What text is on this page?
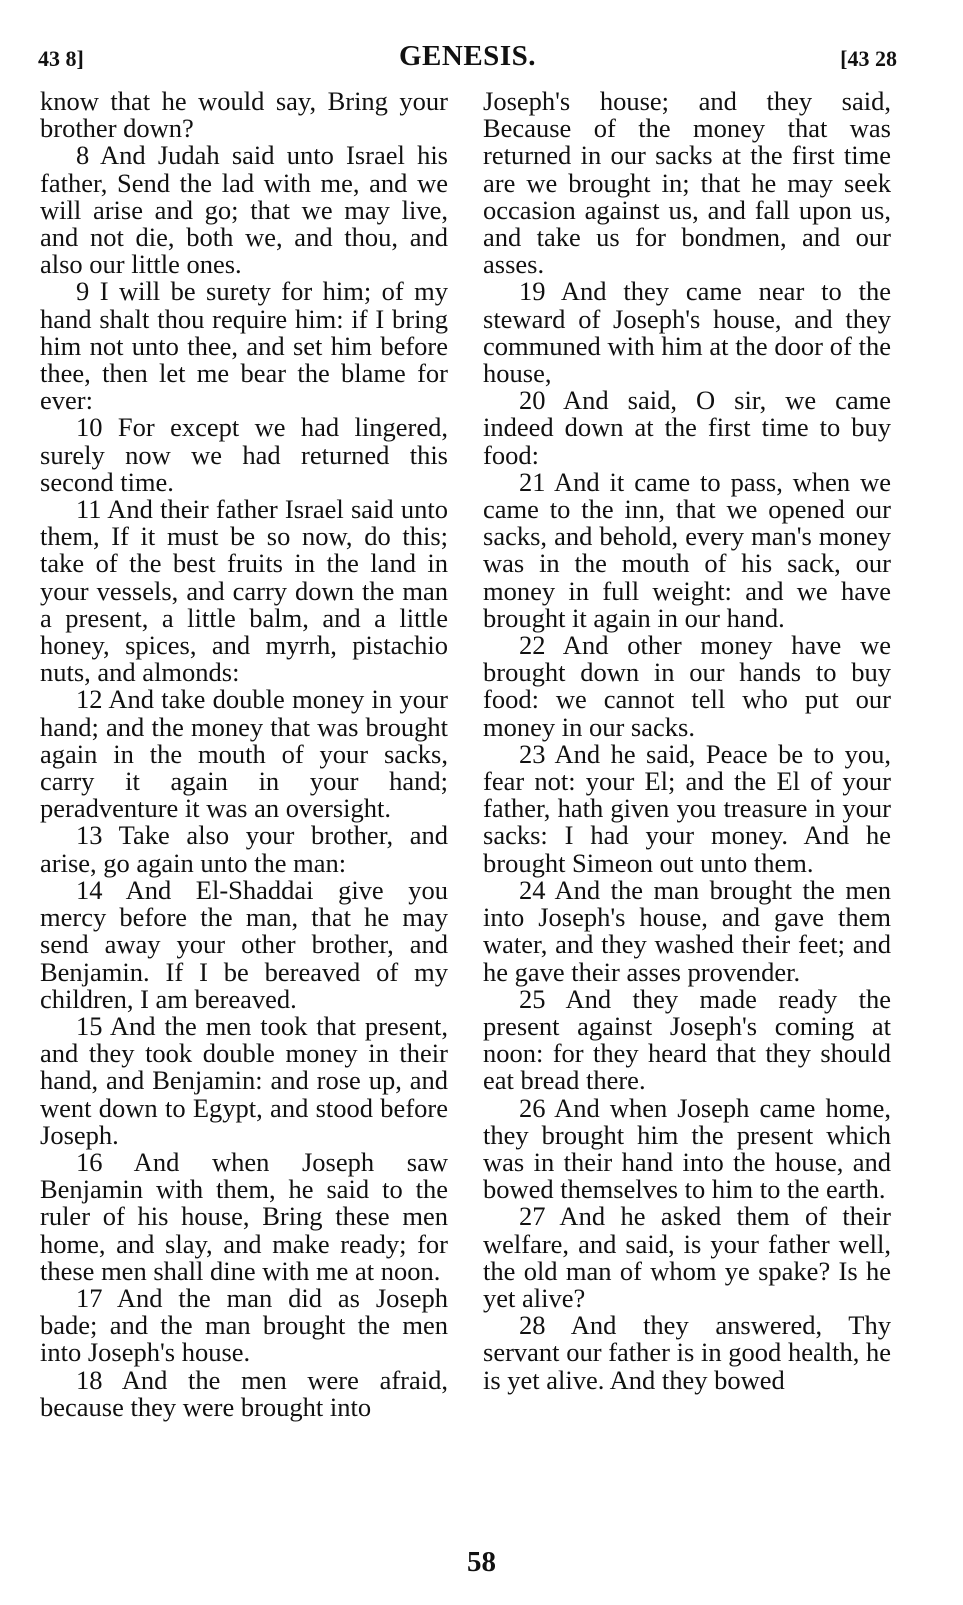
43 8]	GENESIS.	[43 28

know that he would say, Bring your brother down?

8 And Judah said unto Israel his father, Send the lad with me, and we will arise and go; that we may live, and not die, both we, and thou, and also our little ones.

9 I will be surety for him; of my hand shalt thou require him: if I bring him not unto thee, and set him before thee, then let me bear the blame for ever:

10 For except we had lingered, surely now we had returned this second time.

11 And their father Israel said unto them, If it must be so now, do this; take of the best fruits in the land in your vessels, and carry down the man a present, a little balm, and a little honey, spices, and myrrh, pistachio nuts, and almonds:

12 And take double money in your hand; and the money that was brought again in the mouth of your sacks, carry it again in your hand; peradventure it was an oversight.

13 Take also your brother, and arise, go again unto the man:

14 And El-Shaddai give you mercy before the man, that he may send away your other brother, and Benjamin. If I be bereaved of my children, I am bereaved.

15 And the men took that present, and they took double money in their hand, and Benjamin: and rose up, and went down to Egypt, and stood before Joseph.

16 And when Joseph saw Benjamin with them, he said to the ruler of his house, Bring these men home, and slay, and make ready; for these men shall dine with me at noon.

17 And the man did as Joseph bade; and the man brought the men into Joseph's house.

18 And the men were afraid, because they were brought into

Joseph's house; and they said, Because of the money that was returned in our sacks at the first time are we brought in; that he may seek occasion against us, and fall upon us, and take us for bondmen, and our asses.

19 And they came near to the steward of Joseph's house, and they communed with him at the door of the house,

20 And said, O sir, we came indeed down at the first time to buy food:

21 And it came to pass, when we came to the inn, that we opened our sacks, and behold, every man's money was in the mouth of his sack, our money in full weight: and we have brought it again in our hand.

22 And other money have we brought down in our hands to buy food: we cannot tell who put our money in our sacks.

23 And he said, Peace be to you, fear not: your El; and the El of your father, hath given you treasure in your sacks: I had your money. And he brought Simeon out unto them.

24 And the man brought the men into Joseph's house, and gave them water, and they washed their feet; and he gave their asses provender.

25 And they made ready the present against Joseph's coming at noon: for they heard that they should eat bread there.

26 And when Joseph came home, they brought him the present which was in their hand into the house, and bowed themselves to him to the earth.

27 And he asked them of their welfare, and said, is your father well, the old man of whom ye spake? Is he yet alive?

28 And they answered, Thy servant our father is in good health, he is yet alive. And they bowed

58
